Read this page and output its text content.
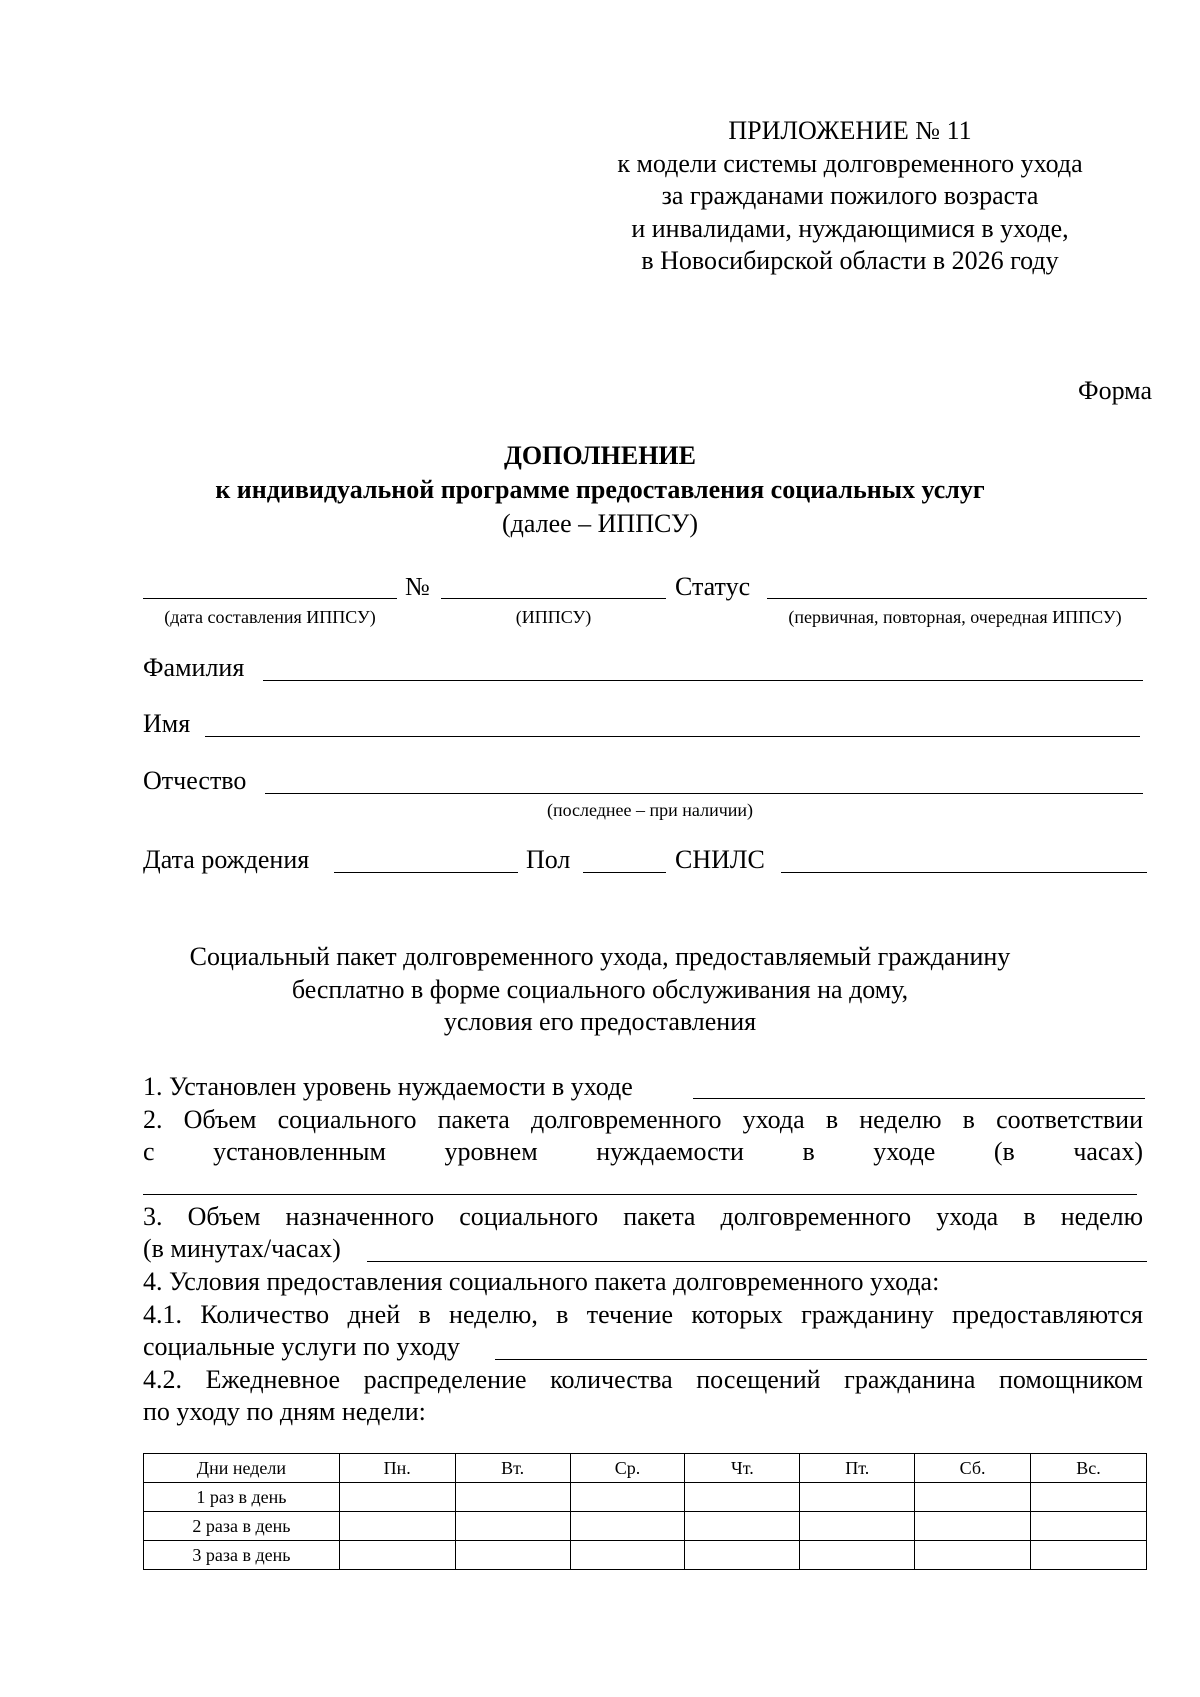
ПРИЛОЖЕНИЕ № 11
к модели системы долговременного ухода
за гражданами пожилого возраста
и инвалидами, нуждающимися в уходе,
в Новосибирской области в 2026 году
Форма
ДОПОЛНЕНИЕ
к индивидуальной программе предоставления социальных услуг
(далее – ИППСУ)
№	Статус
(дата составления ИППСУ)	(ИППСУ)	(первичная, повторная, очередная ИППСУ)
Фамилия
Имя
Отчество
(последнее – при наличии)
Дата рождения	Пол	СНИЛС
Социальный пакет долговременного ухода, предоставляемый гражданину
бесплатно в форме социального обслуживания на дому,
условия его предоставления
1. Установлен уровень нуждаемости в уходе
2. Объем социального пакета долговременного ухода в неделю в соответствии
с установленным уровнем нуждаемости в уходе (в часах)
3. Объем назначенного социального пакета долговременного ухода в неделю
(в минутах/часах)
4. Условия предоставления социального пакета долговременного ухода:
4.1. Количество дней в неделю, в течение которых гражданину предоставляются
социальные услуги по уходу
4.2. Ежедневное распределение количества посещений гражданина помощником
по уходу по дням недели:
Дни недели	Пн.	Вт.	Ср.	Чт.	Пт.	Сб.	Вс.
1 раз в день							
2 раза в день							
3 раза в день							
